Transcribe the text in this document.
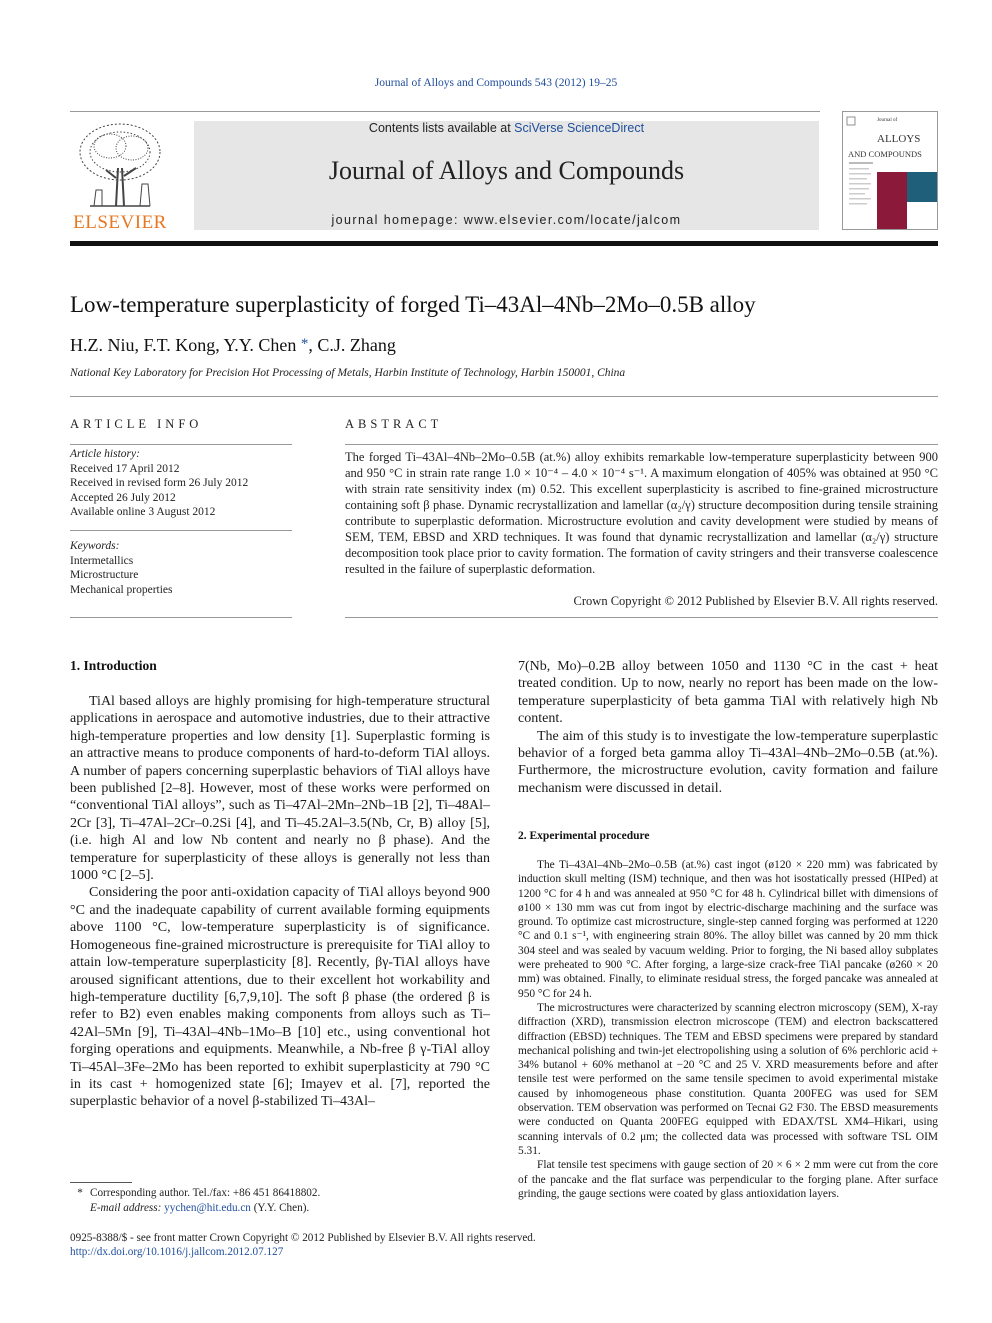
Journal of Alloys and Compounds 543 (2012) 19–25
ELSEVIER
Contents lists available at SciVerse ScienceDirect
Journal of Alloys and Compounds
journal homepage: www.elsevier.com/locate/jalcom
Journal of
ALLOYS
AND COMPOUNDS
Low-temperature superplasticity of forged Ti–43Al–4Nb–2Mo–0.5B alloy
H.Z. Niu, F.T. Kong, Y.Y. Chen *, C.J. Zhang
National Key Laboratory for Precision Hot Processing of Metals, Harbin Institute of Technology, Harbin 150001, China
ARTICLE INFO
Article history:
Received 17 April 2012
Received in revised form 26 July 2012
Accepted 26 July 2012
Available online 3 August 2012
Keywords:
Intermetallics
Microstructure
Mechanical properties
ABSTRACT
The forged Ti–43Al–4Nb–2Mo–0.5B (at.%) alloy exhibits remarkable low-temperature superplasticity between 900 and 950 °C in strain rate range 1.0 × 10⁻⁴ – 4.0 × 10⁻⁴ s⁻¹. A maximum elongation of 405% was obtained at 950 °C with strain rate sensitivity index (m) 0.52. This excellent superplasticity is ascribed to fine-grained microstructure containing soft β phase. Dynamic recrystallization and lamellar (α₂/γ) structure decomposition during tensile straining contribute to superplastic deformation. Microstructure evolution and cavity development were studied by means of SEM, TEM, EBSD and XRD techniques. It was found that dynamic recrystallization and lamellar (α₂/γ) structure decomposition took place prior to cavity formation. The formation of cavity stringers and their transverse coalescence resulted in the failure of superplastic deformation.
Crown Copyright © 2012 Published by Elsevier B.V. All rights reserved.
1. Introduction

TiAl based alloys are highly promising for high-temperature structural applications in aerospace and automotive industries, due to their attractive high-temperature properties and low density [1]. Superplastic forming is an attractive means to produce components of hard-to-deform TiAl alloys. A number of papers concerning superplastic behaviors of TiAl alloys have been published [2–8]. However, most of these works were performed on “conventional TiAl alloys”, such as Ti–47Al–2Mn–2Nb–1B [2], Ti–48Al–2Cr [3], Ti–47Al–2Cr–0.2Si [4], and Ti–45.2Al–3.5(Nb, Cr, B) alloy [5], (i.e. high Al and low Nb content and nearly no β phase). And the temperature for superplasticity of these alloys is generally not less than 1000 °C [2–5].

Considering the poor anti-oxidation capacity of TiAl alloys beyond 900 °C and the inadequate capability of current available forming equipments above 1100 °C, low-temperature superplasticity is of significance. Homogeneous fine-grained microstructure is prerequisite for TiAl alloy to attain low-temperature superplasticity [8]. Recently, βγ-TiAl alloys have aroused significant attentions, due to their excellent hot workability and high-temperature ductility [6,7,9,10]. The soft β phase (the ordered β is refer to B2) even enables making components from alloys such as Ti–42Al–5Mn [9], Ti–43Al–4Nb–1Mo–B [10] etc., using conventional hot forging operations and equipments. Meanwhile, a Nb-free β γ-TiAl alloy Ti–45Al–3Fe–2Mo has been reported to exhibit superplasticity at 790 °C in its cast + homogenized state [6]; Imayev et al. [7], reported the superplastic behavior of a novel β-stabilized Ti–43Al–

7(Nb, Mo)–0.2B alloy between 1050 and 1130 °C in the cast + heat treated condition. Up to now, nearly no report has been made on the low-temperature superplasticity of beta gamma TiAl with relatively high Nb content.

The aim of this study is to investigate the low-temperature superplastic behavior of a forged beta gamma alloy Ti–43Al–4Nb–2Mo–0.5B (at.%). Furthermore, the microstructure evolution, cavity formation and failure mechanism were discussed in detail.

2. Experimental procedure

The Ti–43Al–4Nb–2Mo–0.5B (at.%) cast ingot (ø120 × 220 mm) was fabricated by induction skull melting (ISM) technique, and then was hot isostatically pressed (HIPed) at 1200 °C for 4 h and was annealed at 950 °C for 48 h. Cylindrical billet with dimensions of ø100 × 130 mm was cut from ingot by electric-discharge machining and the surface was ground. To optimize cast microstructure, single-step canned forging was performed at 1220 °C and 0.1 s⁻¹, with engineering strain 80%. The alloy billet was canned by 20 mm thick 304 steel and was sealed by vacuum welding. Prior to forging, the Ni based alloy subplates were preheated to 900 °C. After forging, a large-size crack-free TiAl pancake (ø260 × 20 mm) was obtained. Finally, to eliminate residual stress, the forged pancake was annealed at 950 °C for 24 h.

The microstructures were characterized by scanning electron microscopy (SEM), X-ray diffraction (XRD), transmission electron microscope (TEM) and electron backscattered diffraction (EBSD) techniques. The TEM and EBSD specimens were prepared by standard mechanical polishing and twin-jet electropolishing using a solution of 6% perchloric acid + 34% butanol + 60% methanol at −20 °C and 25 V. XRD measurements before and after tensile test were performed on the same tensile specimen to avoid experimental mistake caused by inhomogeneous phase constitution. Quanta 200FEG was used for SEM observation. TEM observation was performed on Tecnai G2 F30. The EBSD measurements were conducted on Quanta 200FEG equipped with EDAX/TSL XM4–Hikari, using scanning intervals of 0.2 μm; the collected data was processed with software TSL OIM 5.31.

Flat tensile test specimens with gauge section of 20 × 6 × 2 mm were cut from the core of the pancake and the flat surface was perpendicular to the forging plane. After surface grinding, the gauge sections were coated by glass antioxidation layers.

* Corresponding author. Tel./fax: +86 451 86418802.
E-mail address: yychen@hit.edu.cn (Y.Y. Chen).
0925-8388/$ - see front matter Crown Copyright © 2012 Published by Elsevier B.V. All rights reserved.
http://dx.doi.org/10.1016/j.jallcom.2012.07.127
